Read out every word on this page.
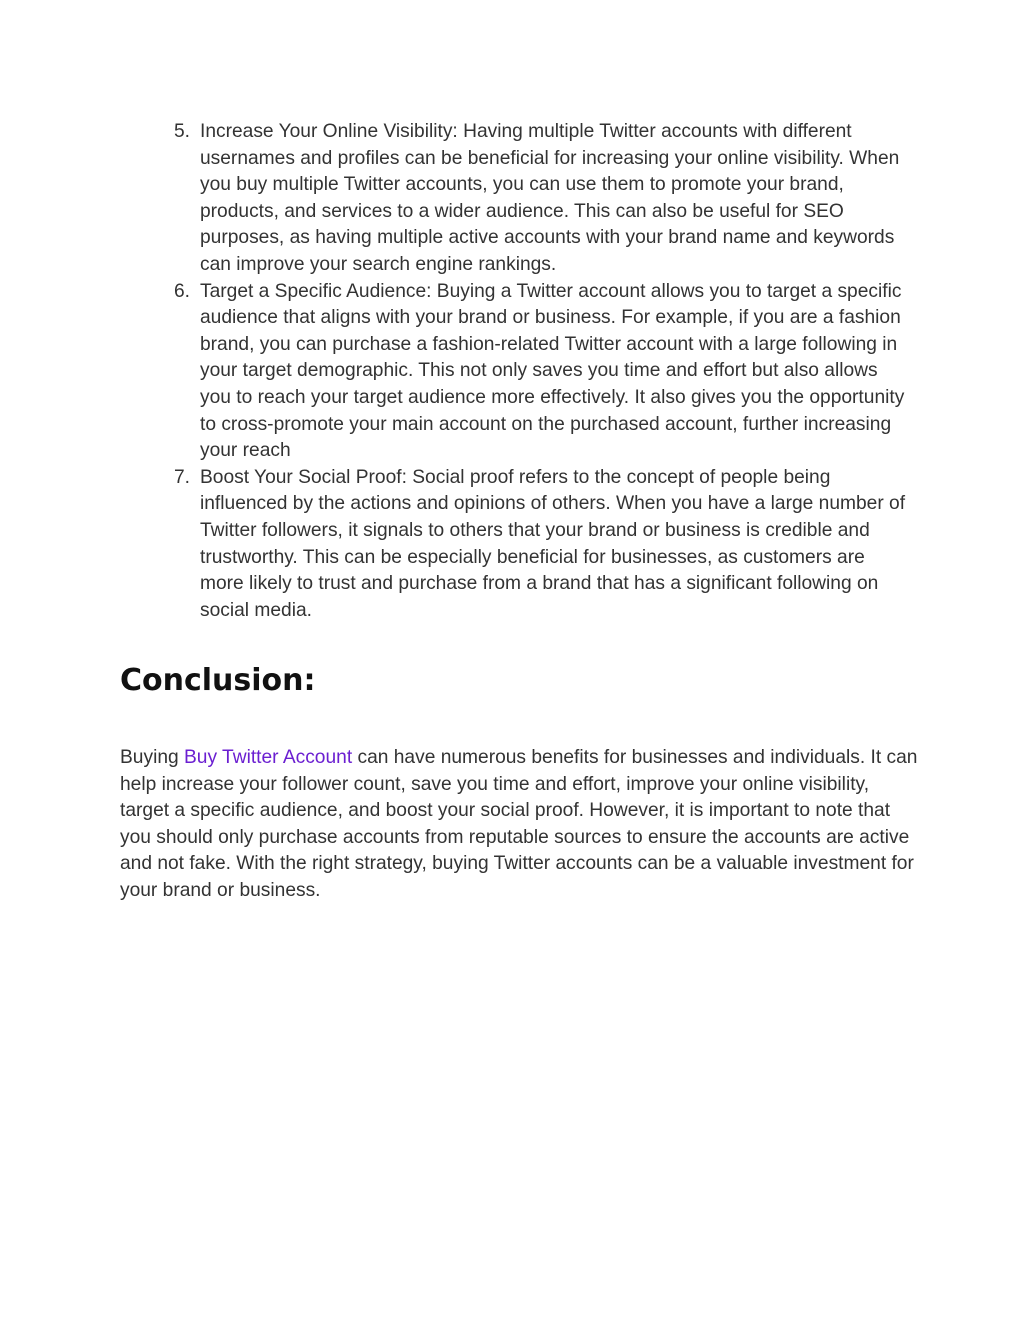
5. Increase Your Online Visibility: Having multiple Twitter accounts with different usernames and profiles can be beneficial for increasing your online visibility. When you buy multiple Twitter accounts, you can use them to promote your brand, products, and services to a wider audience. This can also be useful for SEO purposes, as having multiple active accounts with your brand name and keywords can improve your search engine rankings.
6. Target a Specific Audience: Buying a Twitter account allows you to target a specific audience that aligns with your brand or business. For example, if you are a fashion brand, you can purchase a fashion-related Twitter account with a large following in your target demographic. This not only saves you time and effort but also allows you to reach your target audience more effectively. It also gives you the opportunity to cross-promote your main account on the purchased account, further increasing your reach
7. Boost Your Social Proof: Social proof refers to the concept of people being influenced by the actions and opinions of others. When you have a large number of Twitter followers, it signals to others that your brand or business is credible and trustworthy. This can be especially beneficial for businesses, as customers are more likely to trust and purchase from a brand that has a significant following on social media.
Conclusion:

Buying Buy Twitter Account can have numerous benefits for businesses and individuals. It can help increase your follower count, save you time and effort, improve your online visibility, target a specific audience, and boost your social proof. However, it is important to note that you should only purchase accounts from reputable sources to ensure the accounts are active and not fake. With the right strategy, buying Twitter accounts can be a valuable investment for your brand or business.
